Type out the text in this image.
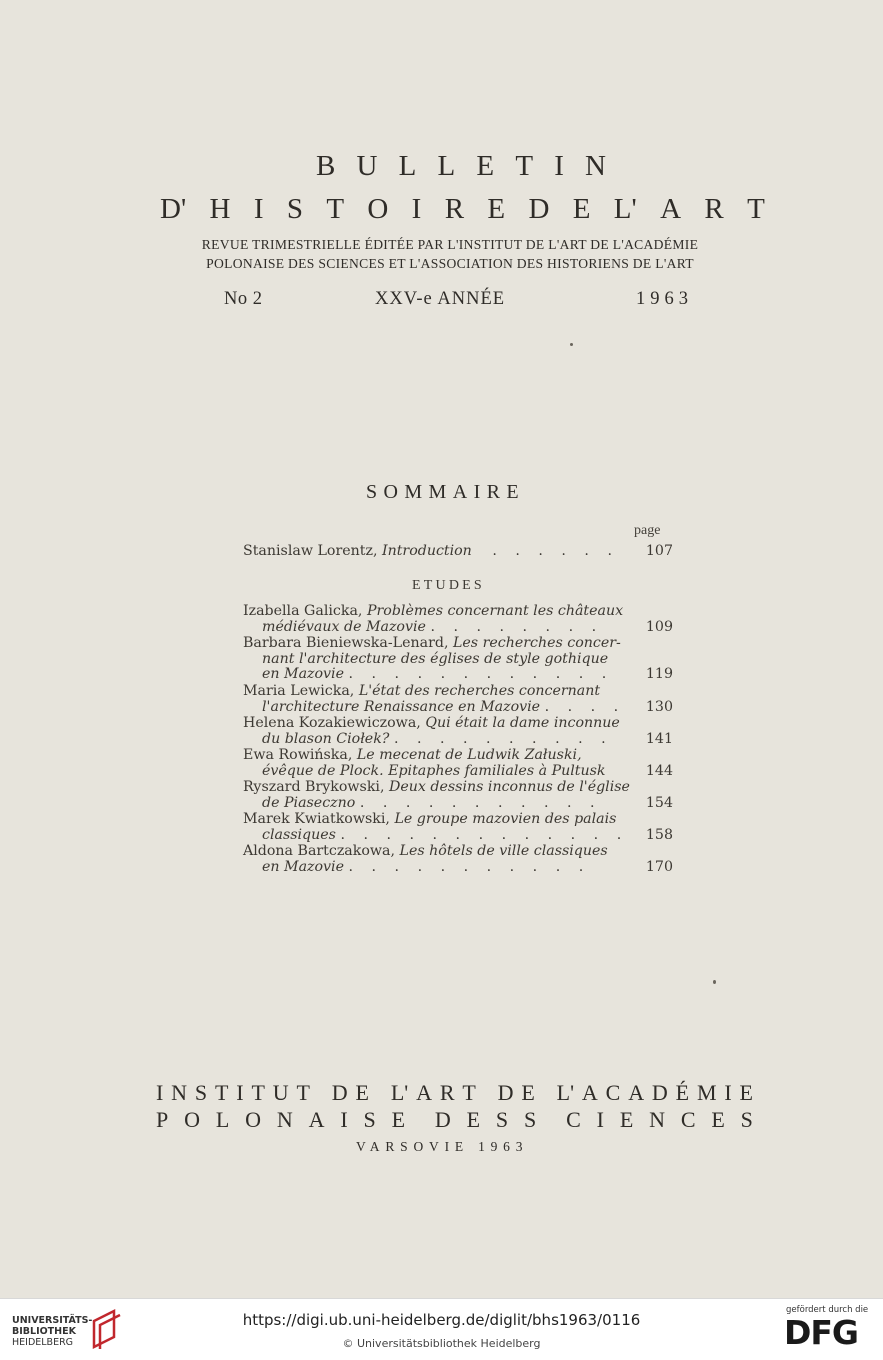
B U L L E T I N
D' H I S T O I R E D E L' A R T
REVUE TRIMESTRIELLE ÉDITÉE PAR L'INSTITUT DE L'ART DE L'ACADÉMIE
POLONAISE DES SCIENCES ET L'ASSOCIATION DES HISTORIENS DE L'ART
No 2	XXV-e ANNÉE	1963
SOMMAIRE
page
Stanislaw Lorentz, Introduction . . . . . .	107
ETUDES
Izabella Galicka, Problèmes concernant les châteaux
médiévaux de Mazovie . . . . . . . .	109
Barbara Bieniewska-Lenard, Les recherches concer-
nant l'architecture des églises de style gothique
en Mazovie . . . . . . . . . . . .	119
Maria Lewicka, L'état des recherches concernant
l'architecture Renaissance en Mazovie . . . .	130
Helena Kozakiewiczowa, Qui était la dame inconnue
du blason Ciołek? . . . . . . . . . .	141
Ewa Rowińska, Le mecenat de Ludwik Załuski,
évêque de Plock. Epitaphes familiales à Pultusk	144
Ryszard Brykowski, Deux dessins inconnus de l'église
de Piaseczno . . . . . . . . . . .	154
Marek Kwiatkowski, Le groupe mazovien des palais
classiques . . . . . . . . . . . . .	158
Aldona Bartczakowa, Les hôtels de ville classiques
en Mazovie . . . . . . . . . . .	170
I N S T I T U T D E L' A R T D E L' A C A D É M I E
P O L O N A I S E D E S S C I E N C E S
VARSOVIE 1963
UNIVERSITÄTS-
BIBLIOTHEK
HEIDELBERG
https://digi.ub.uni-heidelberg.de/diglit/bhs1963/0116
© Universitätsbibliothek Heidelberg
gefördert durch die
DFG
